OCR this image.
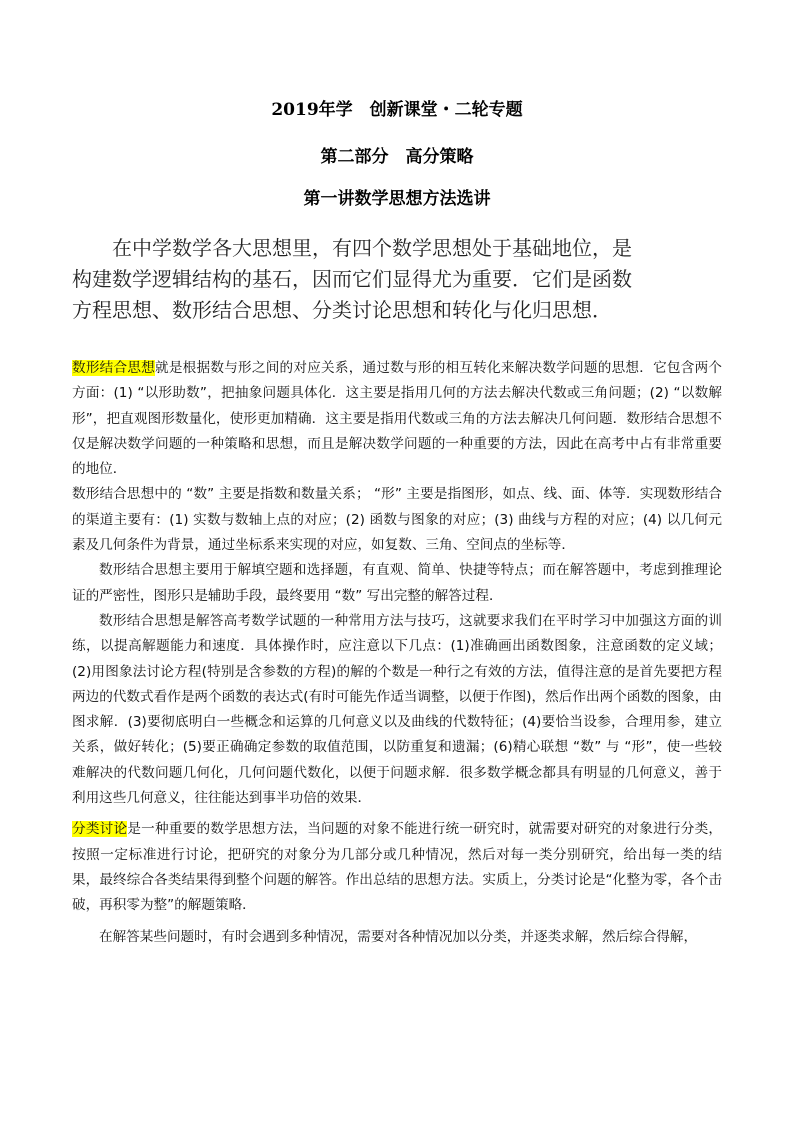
2019年学　创新课堂・二轮专题
第二部分　高分策略
第一讲数学思想方法选讲

在中学数学各大思想里，有四个数学思想处于基础地位，是构建数学逻辑结构的基石，因而它们显得尤为重要．它们是函数方程思想、数形结合思想、分类讨论思想和转化与化归思想．

数形结合思想就是根据数与形之间的对应关系，通过数与形的相互转化来解决数学问题的思想．它包含两个方面：(1) “以形助数”，把抽象问题具体化．这主要是指用几何的方法去解决代数或三角问题；(2) “以数解形”，把直观图形数量化，使形更加精确．这主要是指用代数或三角的方法去解决几何问题．数形结合思想不仅是解决数学问题的一种策略和思想，而且是解决数学问题的一种重要的方法，因此在高考中占有非常重要的地位．

数形结合思想中的 “数” 主要是指数和数量关系； “形” 主要是指图形，如点、线、面、体等．实现数形结合的渠道主要有：(1) 实数与数轴上点的对应；(2) 函数与图象的对应；(3) 曲线与方程的对应；(4) 以几何元素及几何条件为背景，通过坐标系来实现的对应，如复数、三角、空间点的坐标等．

数形结合思想主要用于解填空题和选择题，有直观、简单、快捷等特点；而在解答题中，考虑到推理论证的严密性，图形只是辅助手段，最终要用 “数” 写出完整的解答过程．

数形结合思想是解答高考数学试题的一种常用方法与技巧，这就要求我们在平时学习中加强这方面的训练，以提高解题能力和速度．具体操作时，应注意以下几点：(1)准确画出函数图象，注意函数的定义域；(2)用图象法讨论方程(特别是含参数的方程)的解的个数是一种行之有效的方法，值得注意的是首先要把方程两边的代数式看作是两个函数的表达式(有时可能先作适当调整，以便于作图)，然后作出两个函数的图象，由图求解．(3)要彻底明白一些概念和运算的几何意义以及曲线的代数特征；(4)要恰当设参，合理用参，建立关系，做好转化；(5)要正确确定参数的取值范围，以防重复和遗漏；(6)精心联想 “数” 与 “形”，使一些较难解决的代数问题几何化，几何问题代数化，以便于问题求解．很多数学概念都具有明显的几何意义，善于利用这些几何意义，往往能达到事半功倍的效果．

分类讨论是一种重要的数学思想方法，当问题的对象不能进行统一研究时，就需要对研究的对象进行分类，按照一定标准进行讨论，把研究的对象分为几部分或几种情况，然后对每一类分别研究，给出每一类的结果，最终综合各类结果得到整个问题的解答。作出总结的思想方法。实质上，分类讨论是“化整为零，各个击破，再积零为整”的解题策略．

在解答某些问题时，有时会遇到多种情况，需要对各种情况加以分类，并逐类求解，然后综合得解，
